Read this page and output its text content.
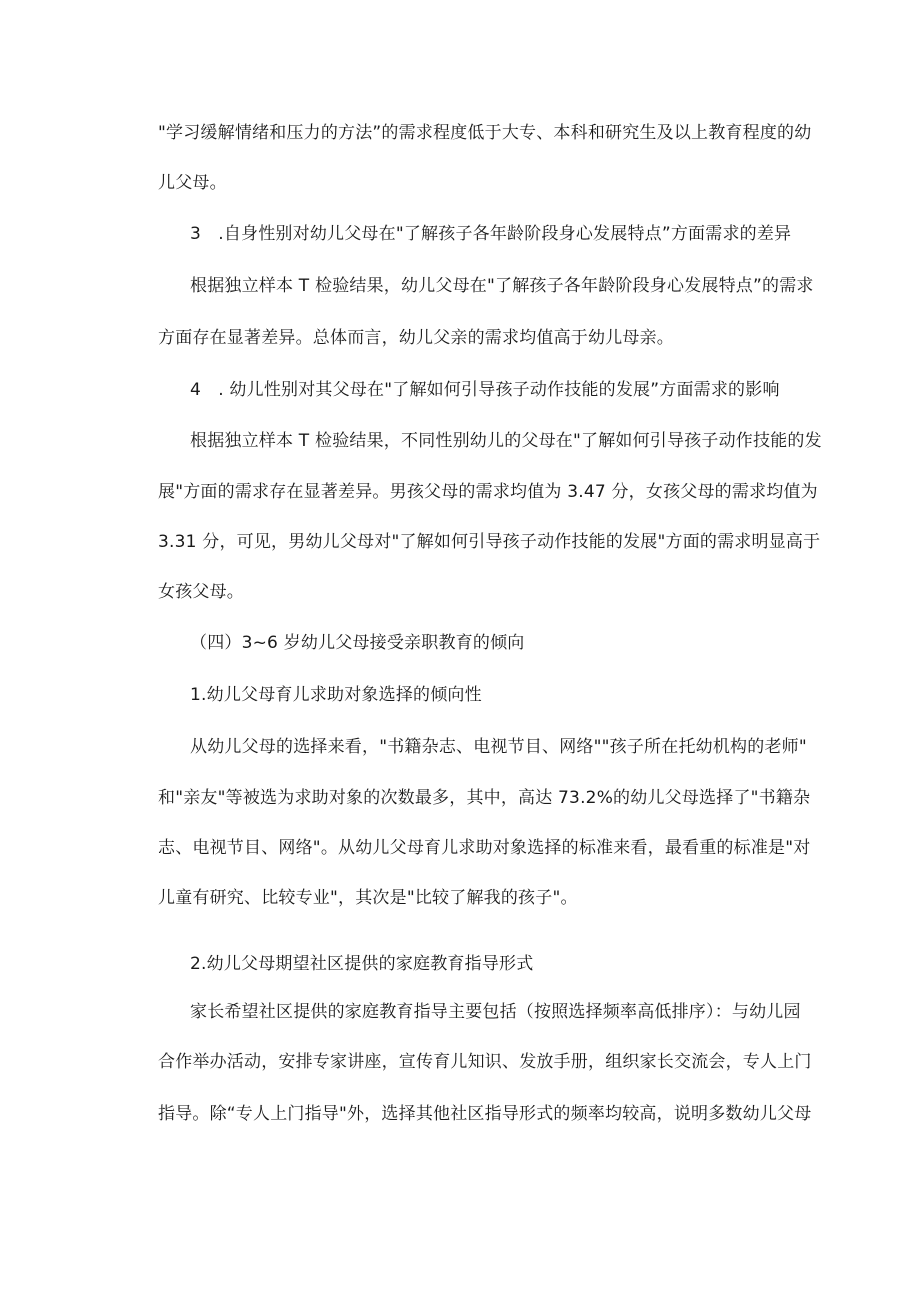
"学习缓解情绪和压力的方法”的需求程度低于大专、本科和研究生及以上教育程度的幼
儿父母。
3　.自身性别对幼儿父母在"了解孩子各年龄阶段身心发展特点”方面需求的差异
根据独立样本 T 检验结果，幼儿父母在"了解孩子各年龄阶段身心发展特点”的需求
方面存在显著差异。总体而言，幼儿父亲的需求均值高于幼儿母亲。
4　. 幼儿性别对其父母在"了解如何引导孩子动作技能的发展”方面需求的影响
根据独立样本 T 检验结果，不同性别幼儿的父母在"了解如何引导孩子动作技能的发
展"方面的需求存在显著差异。男孩父母的需求均值为 3.47 分，女孩父母的需求均值为
3.31 分，可见，男幼儿父母对"了解如何引导孩子动作技能的发展"方面的需求明显高于
女孩父母。
（四）3~6 岁幼儿父母接受亲职教育的倾向
1.幼儿父母育儿求助对象选择的倾向性
从幼儿父母的选择来看，"书籍杂志、电视节目、网络""孩子所在托幼机构的老师"
和"亲友"等被选为求助对象的次数最多，其中，高达 73.2%的幼儿父母选择了"书籍杂
志、电视节目、网络"。从幼儿父母育儿求助对象选择的标准来看，最看重的标准是"对
儿童有研究、比较专业"，其次是"比较了解我的孩子"。
2.幼儿父母期望社区提供的家庭教育指导形式
家长希望社区提供的家庭教育指导主要包括（按照选择频率高低排序）：与幼儿园
合作举办活动，安排专家讲座，宣传育儿知识、发放手册，组织家长交流会，专人上门
指导。除“专人上门指导"外，选择其他社区指导形式的频率均较高，说明多数幼儿父母
